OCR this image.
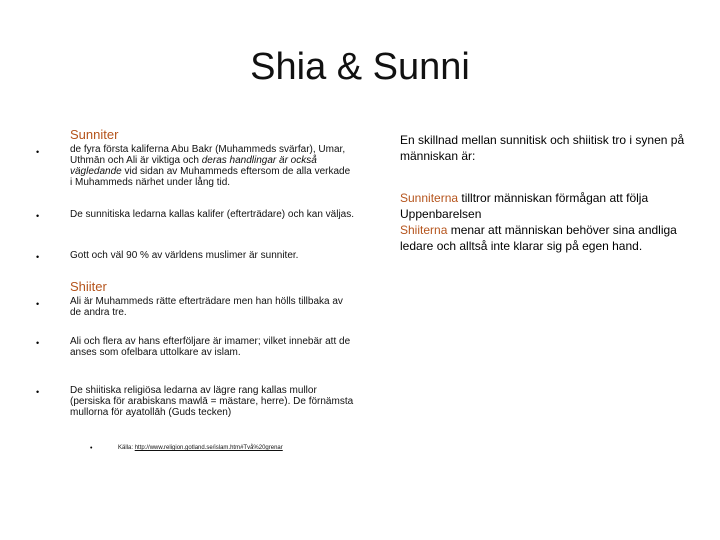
Shia & Sunni
Sunniter
•	de fyra första kaliferna Abu Bakr (Muhammeds svärfar), Umar, Uthmān och Ali är viktiga och deras handlingar är också vägledande vid sidan av Muhammeds eftersom de alla verkade i Muhammeds närhet under lång tid.
•	De sunnitiska ledarna kallas kalifer (efterträdare) och kan väljas.
•	Gott och väl 90 % av världens muslimer är sunniter.
Shiiter
•	Ali är Muhammeds rätte efterträdare men han hölls tillbaka av de andra tre.
•	Ali och flera av hans efterföljare är imamer; vilket innebär att de anses som ofelbara uttolkare av islam.
•	De shiitiska religiösa ledarna av lägre rang kallas mullor (persiska för arabiskans mawlā = mästare, herre). De förnämsta mullorna för ayatollāh (Guds tecken)
•	Källa: http://www.religion.gotland.se/islam.htm#Två%20grenar
En skillnad mellan sunnitisk och shiitisk tro i synen på människan är:
Sunniterna tilltror människan förmågan att följa Uppenbarelsen
Shiiterna menar att människan behöver sina andliga ledare och alltså inte klarar sig på egen hand.
